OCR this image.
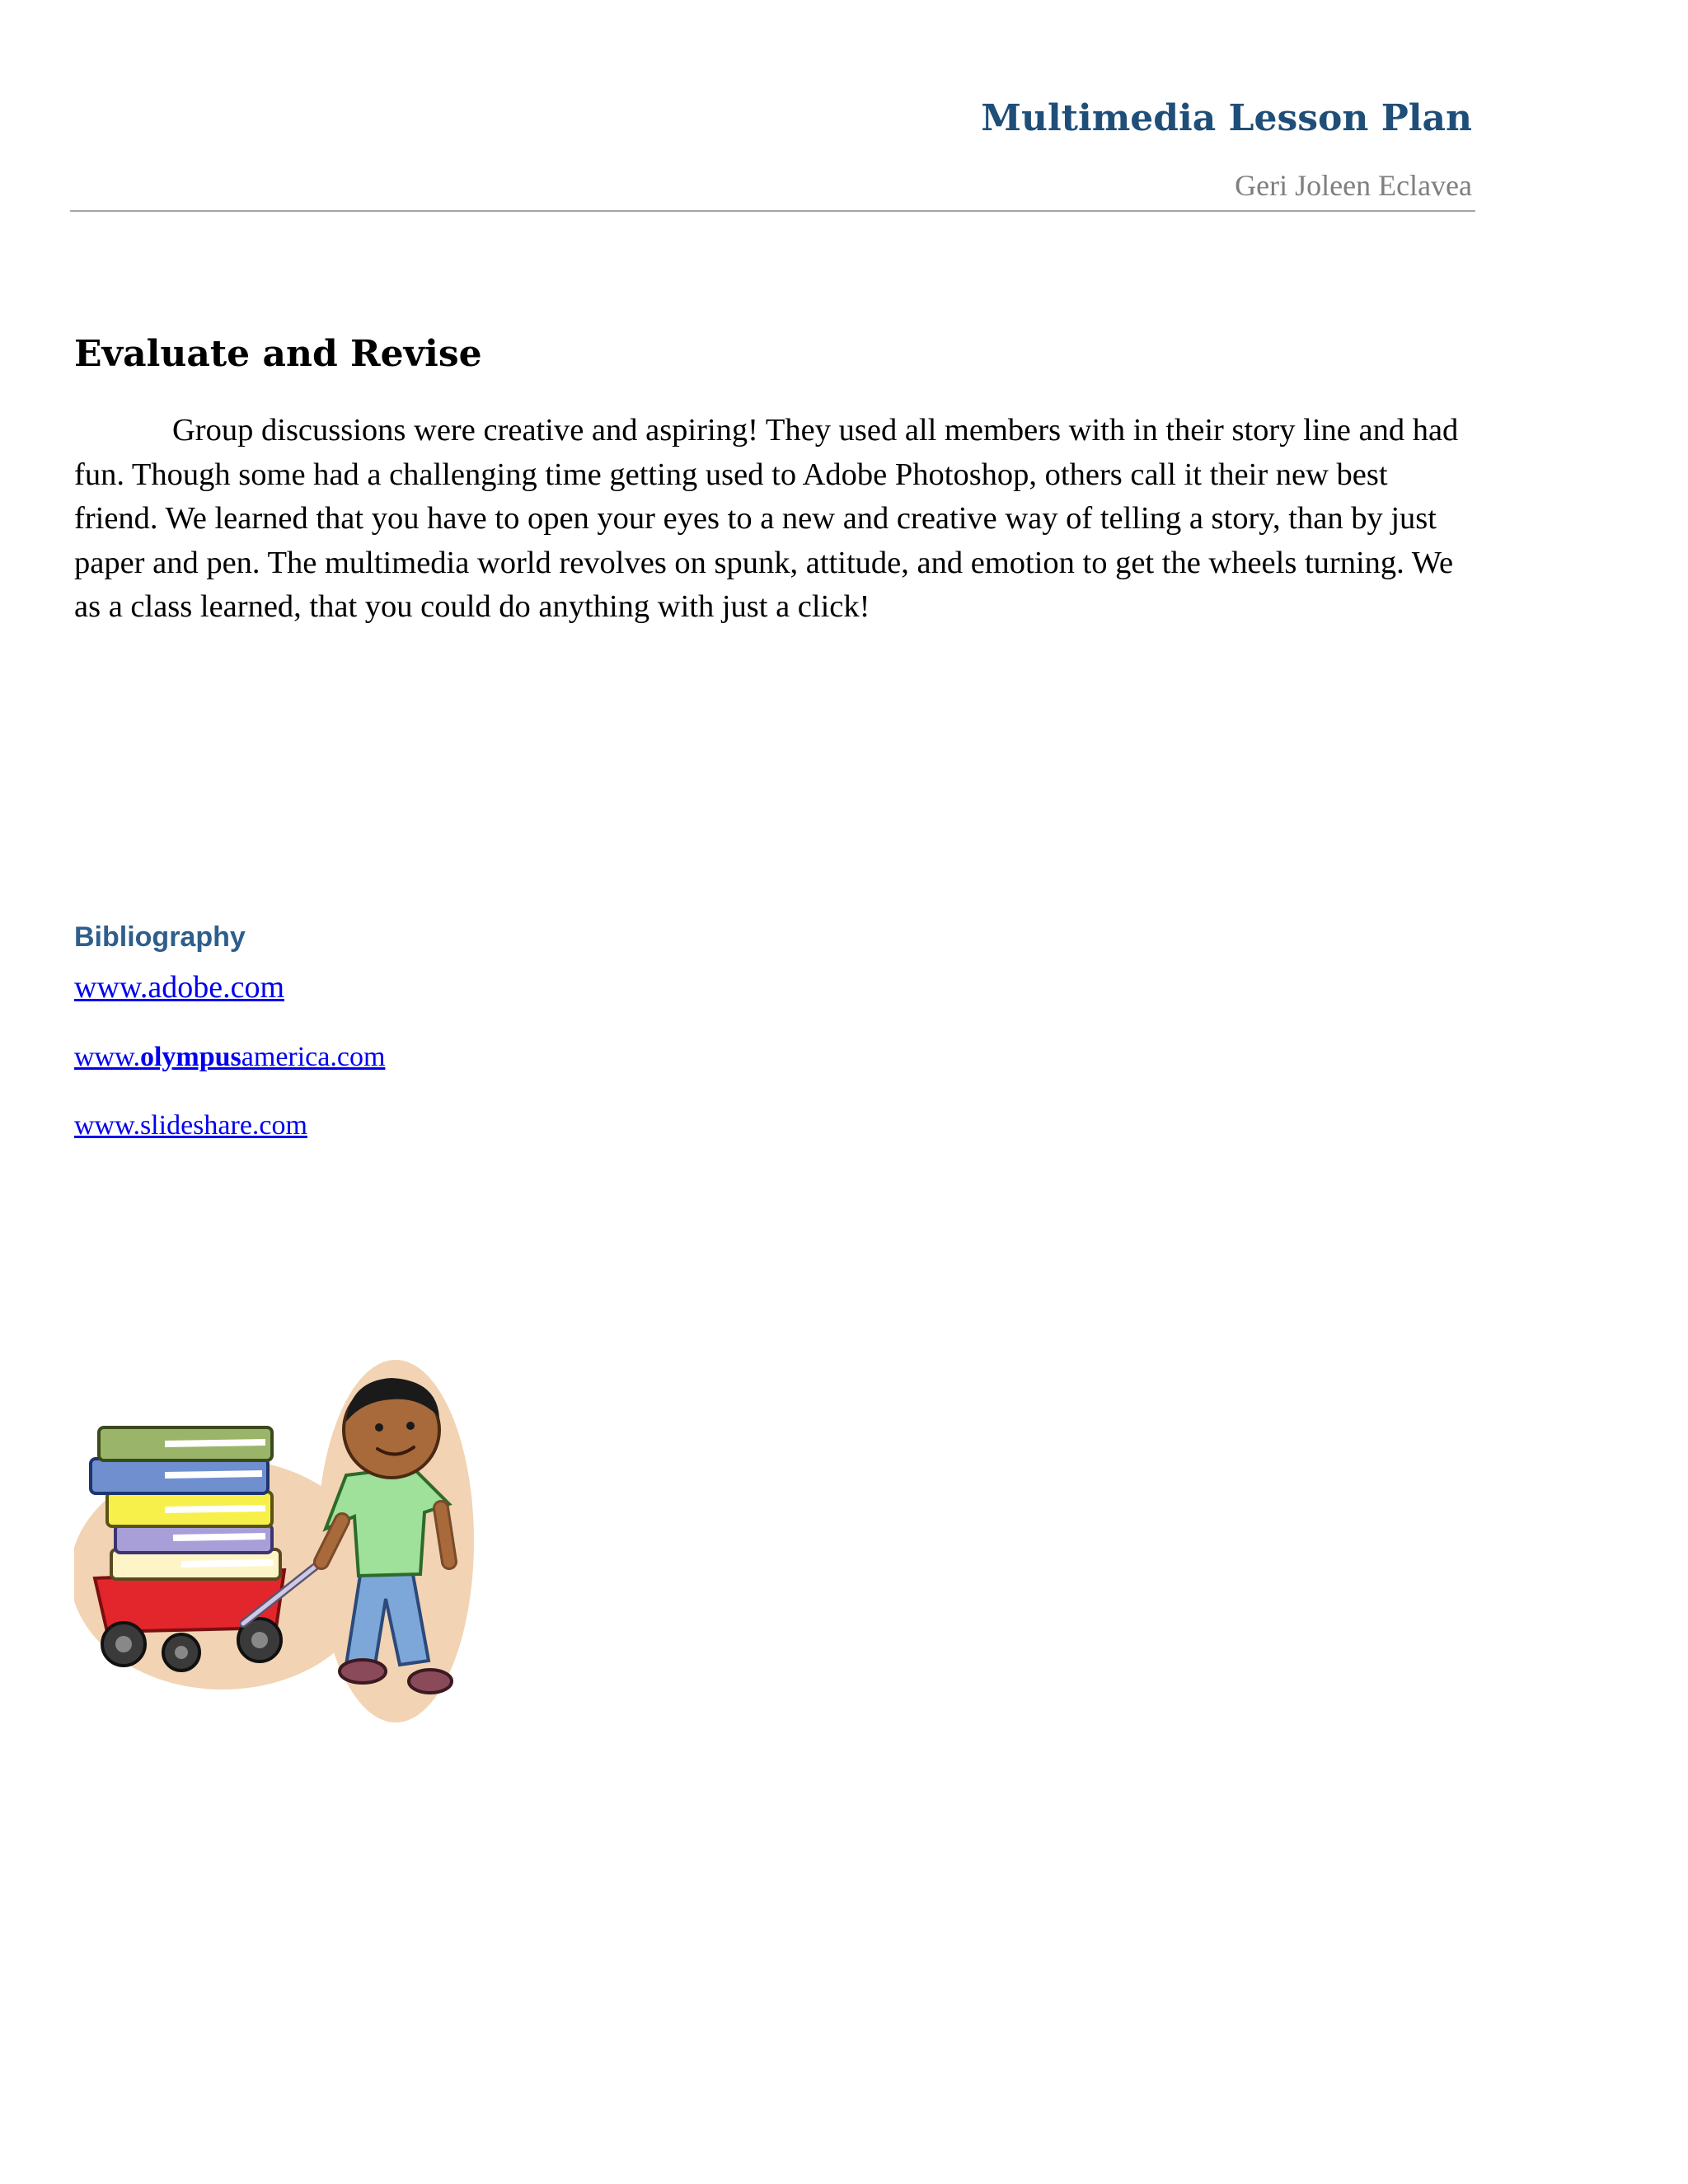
Multimedia Lesson Plan
Geri Joleen Eclavea
Evaluate and Revise

Group discussions were creative and aspiring! They used all members with in their story line and had fun. Though some had a challenging time getting used to Adobe Photoshop, others call it their new best friend. We learned that you have to open your eyes to a new and creative way of telling a story, than by just paper and pen. The multimedia world revolves on spunk, attitude, and emotion to get the wheels turning. We as a class learned, that you could do anything with just a click!

Bibliography
www.adobe.com
www.olympusamerica.com
www.slideshare.com
